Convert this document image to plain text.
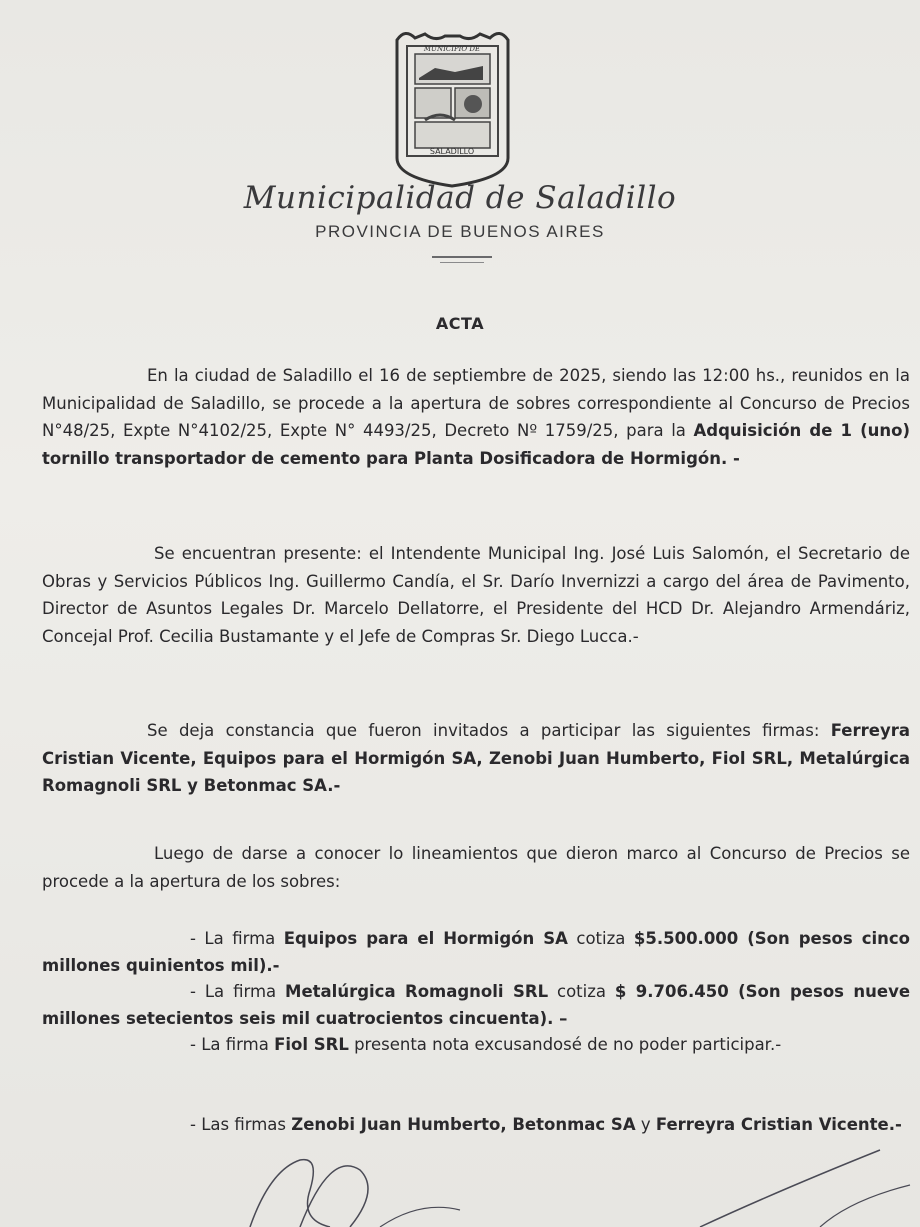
MUNICIPIO DE
SALADILLO
Municipalidad de Saladillo
PROVINCIA DE BUENOS AIRES
ACTA
En la ciudad de Saladillo el 16 de septiembre de 2025, siendo las 12:00 hs., reunidos en la Municipalidad de Saladillo, se procede a la apertura de sobres correspondiente al Concurso de Precios N°48/25, Expte N°4102/25, Expte N° 4493/25, Decreto Nº 1759/25, para la Adquisición de 1 (uno) tornillo transportador de cemento para Planta Dosificadora de Hormigón. -
Se encuentran presente: el Intendente Municipal Ing. José Luis Salomón, el Secretario de Obras y Servicios Públicos Ing. Guillermo Candía, el Sr. Darío Invernizzi a cargo del área de Pavimento, Director de Asuntos Legales Dr. Marcelo Dellatorre, el Presidente del HCD Dr. Alejandro Armendáriz, Concejal Prof. Cecilia Bustamante y el Jefe de Compras Sr. Diego Lucca.-
Se deja constancia que fueron invitados a participar las siguientes firmas: Ferreyra Cristian Vicente, Equipos para el Hormigón SA, Zenobi Juan Humberto, Fiol SRL, Metalúrgica Romagnoli SRL y Betonmac SA.-
Luego de darse a conocer lo lineamientos que dieron marco al Concurso de Precios se procede a la apertura de los sobres:
- La firma Equipos para el Hormigón SA cotiza $5.500.000 (Son pesos cinco millones quinientos mil).-
- La firma Metalúrgica Romagnoli SRL cotiza $ 9.706.450 (Son pesos nueve millones setecientos seis mil cuatrocientos cincuenta). –
- La firma Fiol SRL presenta nota excusandosé de no poder participar.-
- Las firmas Zenobi Juan Humberto, Betonmac SA y Ferreyra Cristian Vicente.-
